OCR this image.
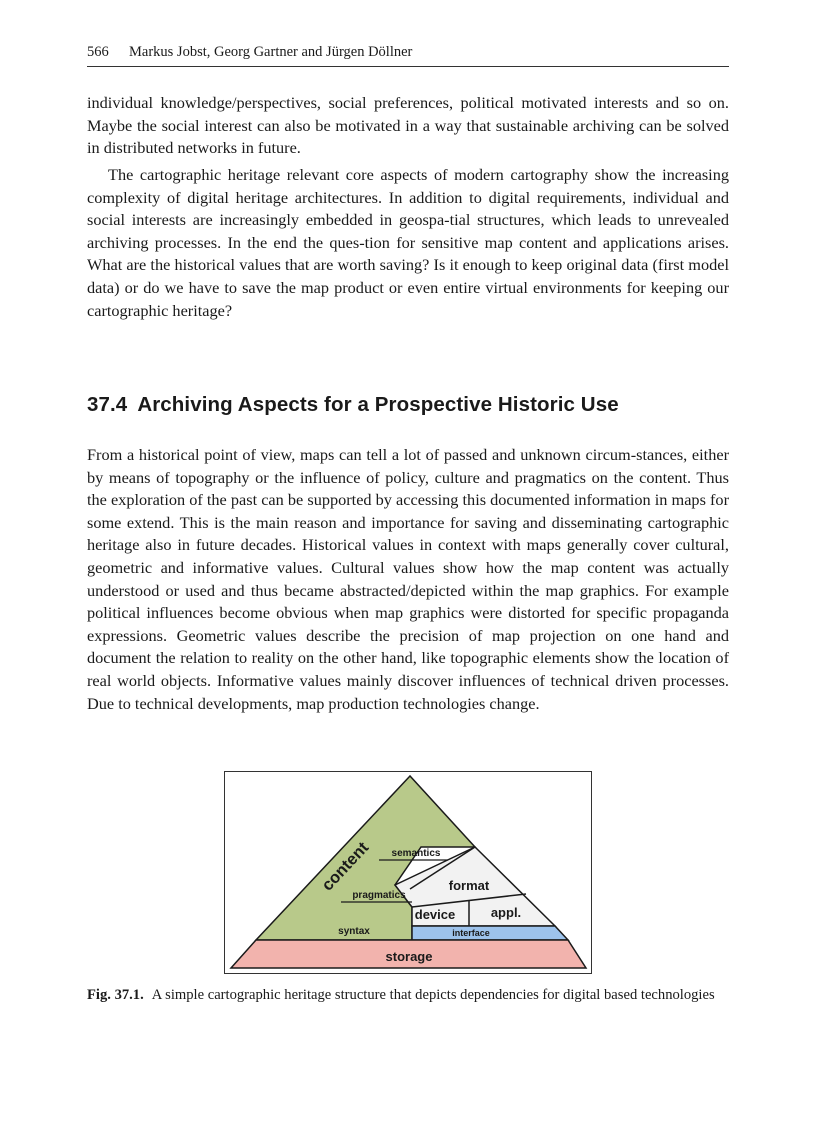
566 Markus Jobst, Georg Gartner and Jürgen Döllner

individual knowledge/perspectives, social preferences, political motivated interests and so on. Maybe the social interest can also be motivated in a way that sustainable archiving can be solved in distributed networks in future.

The cartographic heritage relevant core aspects of modern cartography show the increasing complexity of digital heritage architectures. In addition to digital requirements, individual and social interests are increasingly embedded in geospa-tial structures, which leads to unrevealed archiving processes. In the end the ques-tion for sensitive map content and applications arises. What are the historical values that are worth saving? Is it enough to keep original data (first model data) or do we have to save the map product or even entire virtual environments for keeping our cartographic heritage?

37.4 Archiving Aspects for a Prospective Historic Use

From a historical point of view, maps can tell a lot of passed and unknown circum-stances, either by means of topography or the influence of policy, culture and pragmatics on the content. Thus the exploration of the past can be supported by accessing this documented information in maps for some extend. This is the main reason and importance for saving and disseminating cartographic heritage also in future decades. Historical values in context with maps generally cover cultural, geometric and informative values. Cultural values show how the map content was actually understood or used and thus became abstracted/depicted within the map graphics. For example political influences become obvious when map graphics were distorted for specific propaganda expressions. Geometric values describe the precision of map projection on one hand and document the relation to reality on the other hand, like topographic elements show the location of real world objects. Informative values mainly discover influences of technical driven processes. Due to technical developments, map production technologies change.

content semantics
pragmatics
syntax
format
device	appl.
interface
storage
Fig. 37.1. A simple cartographic heritage structure that depicts dependencies for digital based technologies
